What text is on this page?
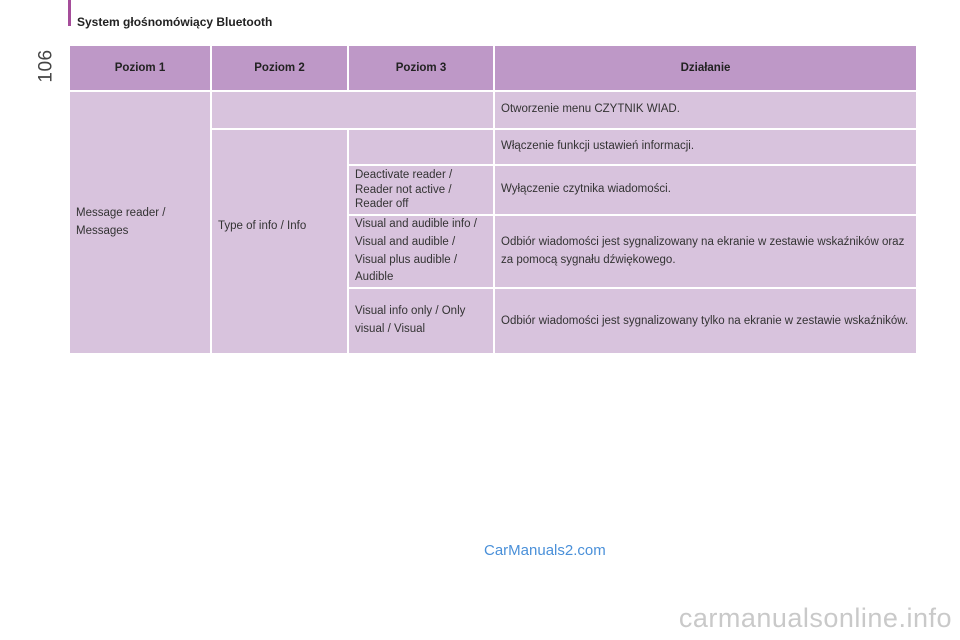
System głośnomówiący Bluetooth
106	Poziom 1	Poziom 2	Poziom 3	Działanie

Message reader / Messages			Otworzenie menu CZYTNIK WIAD.

	Type of info / Info		Włączenie funkcji ustawień informacji.
		Deactivate reader / Reader not active / Reader off	Wyłączenie czytnika wiadomości.
		Visual and audible info / Visual and audible / Visual plus audible / Audible	Odbiór wiadomości jest sygnalizowany na ekranie w zestawie wskaźników oraz za pomocą sygnału dźwiękowego.
		Visual info only / Only visual / Visual	Odbiór wiadomości jest sygnalizowany tylko na ekranie w zestawie wskaźników.
CarManuals2.com
carmanualsonline.info
